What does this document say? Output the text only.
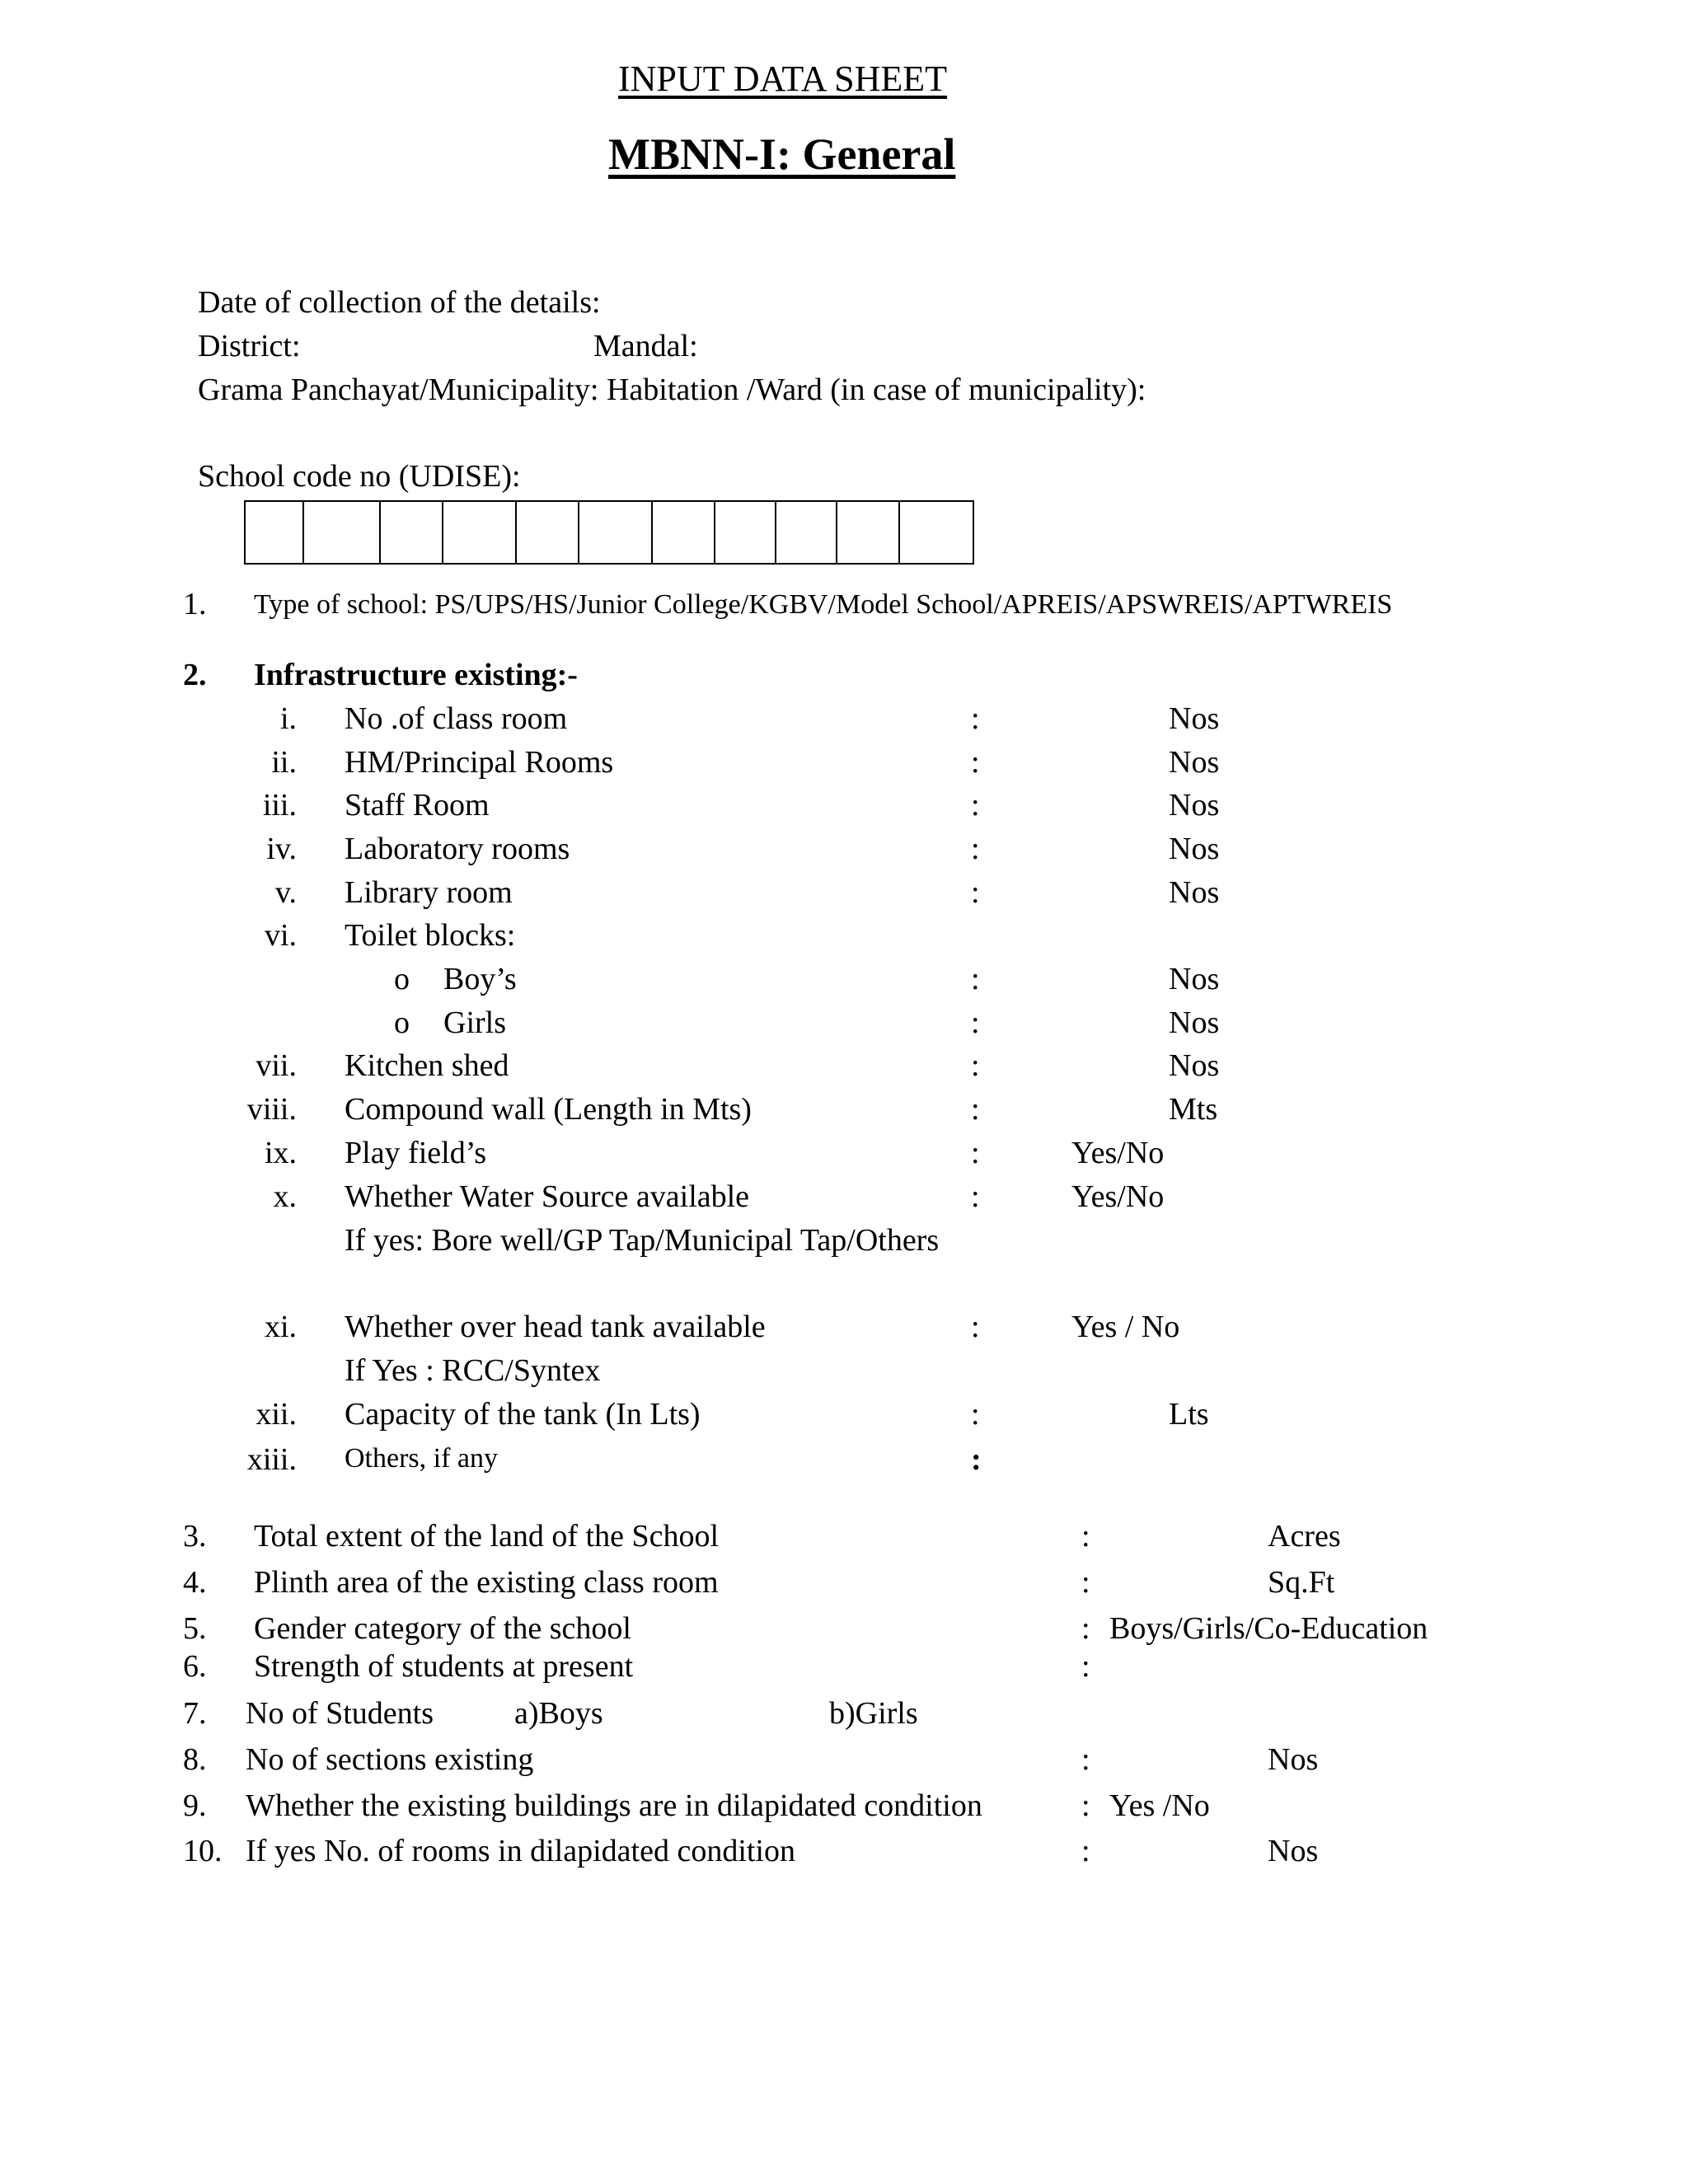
INPUT DATA SHEET
MBNN-I: General
Date of collection of the details:
District:	Mandal:
Grama Panchayat/Municipality: Habitation /Ward (in case of municipality):
School code no (UDISE):
1. Type of school: PS/UPS/HS/Junior College/KGBV/Model School/APREIS/APSWREIS/APTWREIS
2. Infrastructure existing:-
i. No .of class room	:	Nos
ii. HM/Principal Rooms	:	Nos
iii. Staff Room	:	Nos
iv. Laboratory rooms	:	Nos
v. Library room	:	Nos
vi. Toilet blocks:
o Boy’s	:	Nos
o Girls	:	Nos
vii. Kitchen shed	:	Nos
viii. Compound wall (Length in Mts)	:	Mts
ix. Play field’s	:	Yes/No
x. Whether Water Source available	:	Yes/No
If yes: Bore well/GP Tap/Municipal Tap/Others
xi. Whether over head tank available	:	Yes / No
If Yes : RCC/Syntex
xii. Capacity of the tank (In Lts)	:	Lts
xiii. Others, if any	:
3. Total extent of the land of the School	:	Acres
4. Plinth area of the existing class room	:	Sq.Ft
5. Gender category of the school	: Boys/Girls/Co-Education
6. Strength of students at present	:
7. No of Students	a)Boys	b)Girls
8. No of sections existing	:	Nos
9. Whether the existing buildings are in dilapidated condition	: Yes /No
10. If yes No. of rooms in dilapidated condition	:	Nos
